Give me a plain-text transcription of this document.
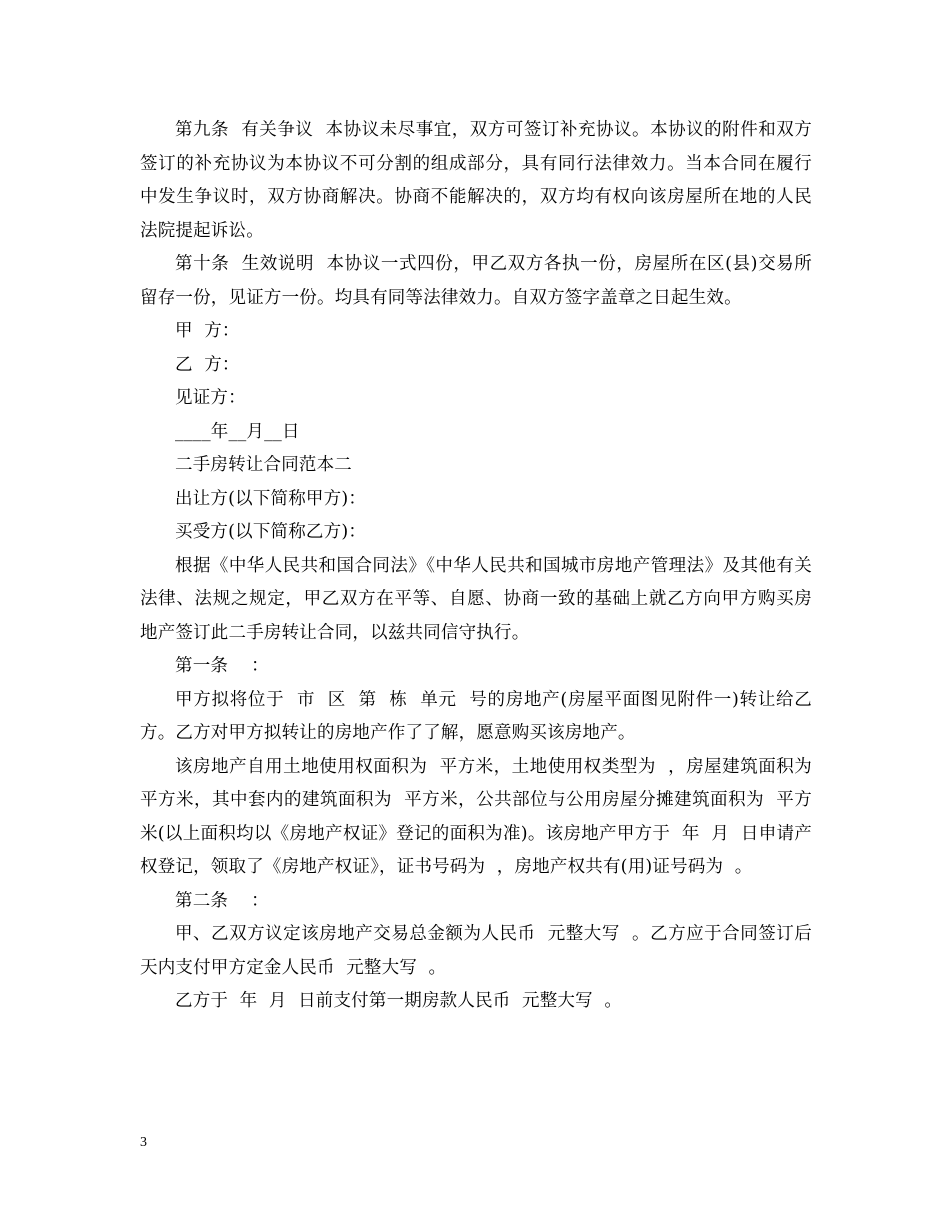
第九条  有关争议  本协议未尽事宜，双方可签订补充协议。本协议的附件和双方签订的补充协议为本协议不可分割的组成部分，具有同行法律效力。当本合同在履行中发生争议时，双方协商解决。协商不能解决的，双方均有权向该房屋所在地的人民法院提起诉讼。

第十条  生效说明  本协议一式四份，甲乙双方各执一份，房屋所在区(县)交易所留存一份，见证方一份。均具有同等法律效力。自双方签字盖章之日起生效。

甲  方：

乙  方：

见证方：

____年__月__日

二手房转让合同范本二

出让方(以下简称甲方)：

买受方(以下简称乙方)：

根据《中华人民共和国合同法》《中华人民共和国城市房地产管理法》及其他有关法律、法规之规定，甲乙双方在平等、自愿、协商一致的基础上就乙方向甲方购买房地产签订此二手房转让合同，以兹共同信守执行。

第一条    ：

甲方拟将位于  市  区  第  栋  单元  号的房地产(房屋平面图见附件一)转让给乙方。乙方对甲方拟转让的房地产作了了解，愿意购买该房地产。

该房地产自用土地使用权面积为  平方米，土地使用权类型为  ，房屋建筑面积为  平方米，其中套内的建筑面积为  平方米，公共部位与公用房屋分摊建筑面积为  平方米(以上面积均以《房地产权证》登记的面积为准)。该房地产甲方于  年  月  日申请产权登记，领取了《房地产权证》，证书号码为  ，房地产权共有(用)证号码为  。

第二条    ：

甲、乙双方议定该房地产交易总金额为人民币  元整大写  。乙方应于合同签订后天内支付甲方定金人民币  元整大写  。

乙方于  年  月  日前支付第一期房款人民币  元整大写  。

3
